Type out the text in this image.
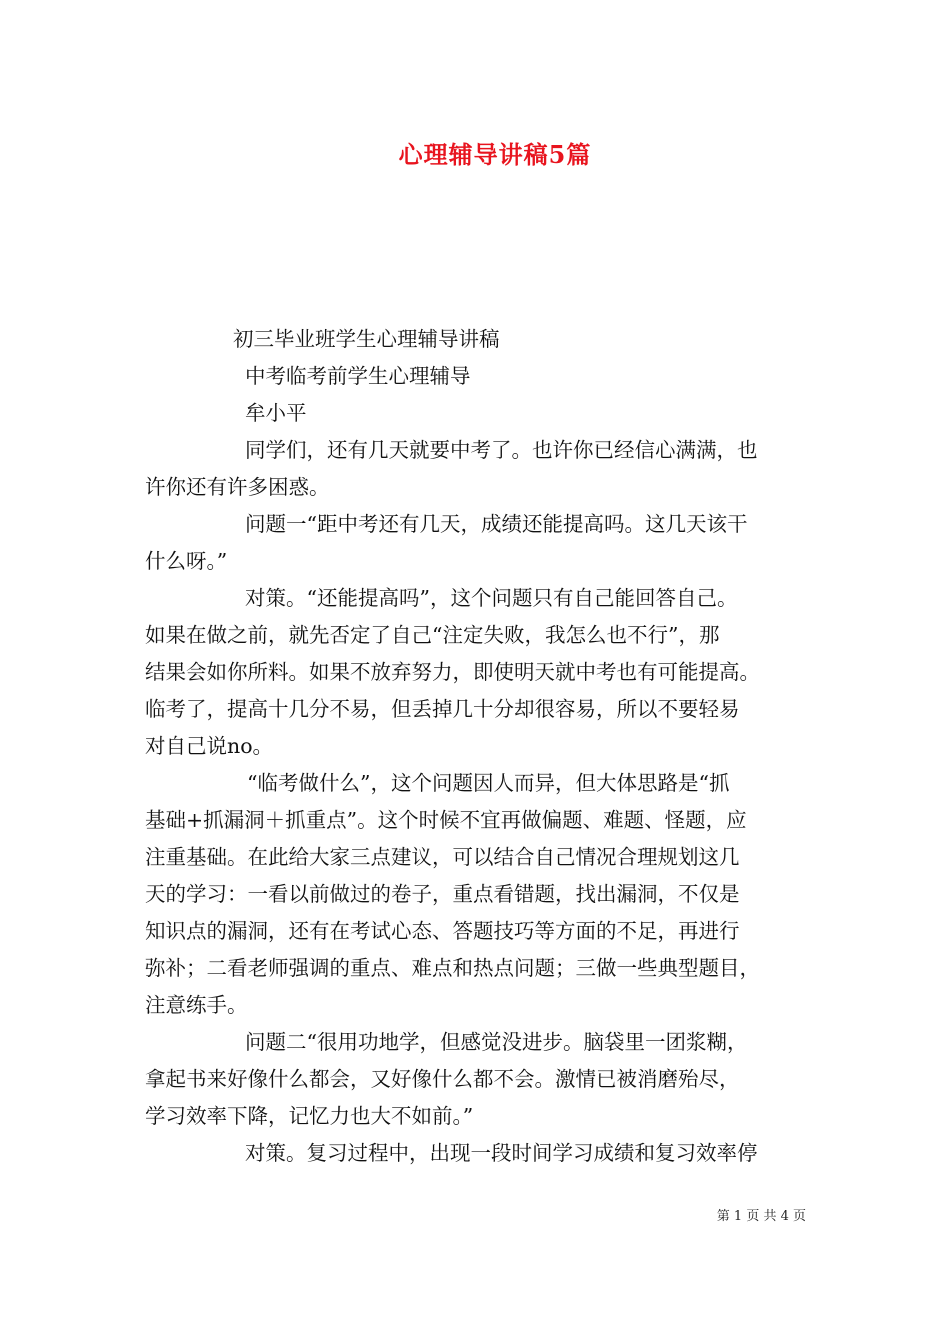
心理辅导讲稿5篇
初三毕业班学生心理辅导讲稿
中考临考前学生心理辅导
牟小平
同学们，还有几天就要中考了。也许你已经信心满满，也
许你还有许多困惑。
问题一“距中考还有几天，成绩还能提高吗。这几天该干
什么呀。”
对策。“还能提高吗”，这个问题只有自己能回答自己。
如果在做之前，就先否定了自己“注定失败，我怎么也不行”，那
结果会如你所料。如果不放弃努力，即使明天就中考也有可能提高。
临考了，提高十几分不易，但丢掉几十分却很容易，所以不要轻易
对自己说no。
“临考做什么”，这个问题因人而异，但大体思路是“抓
基础+抓漏洞＋抓重点”。这个时候不宜再做偏题、难题、怪题，应
注重基础。在此给大家三点建议，可以结合自己情况合理规划这几
天的学习：一看以前做过的卷子，重点看错题，找出漏洞，不仅是
知识点的漏洞，还有在考试心态、答题技巧等方面的不足，再进行
弥补；二看老师强调的重点、难点和热点问题；三做一些典型题目，
注意练手。
问题二“很用功地学，但感觉没进步。脑袋里一团浆糊，
拿起书来好像什么都会，又好像什么都不会。激情已被消磨殆尽，
学习效率下降，记忆力也大不如前。”
对策。复习过程中，出现一段时间学习成绩和复习效率停
第 1 页 共 4 页
